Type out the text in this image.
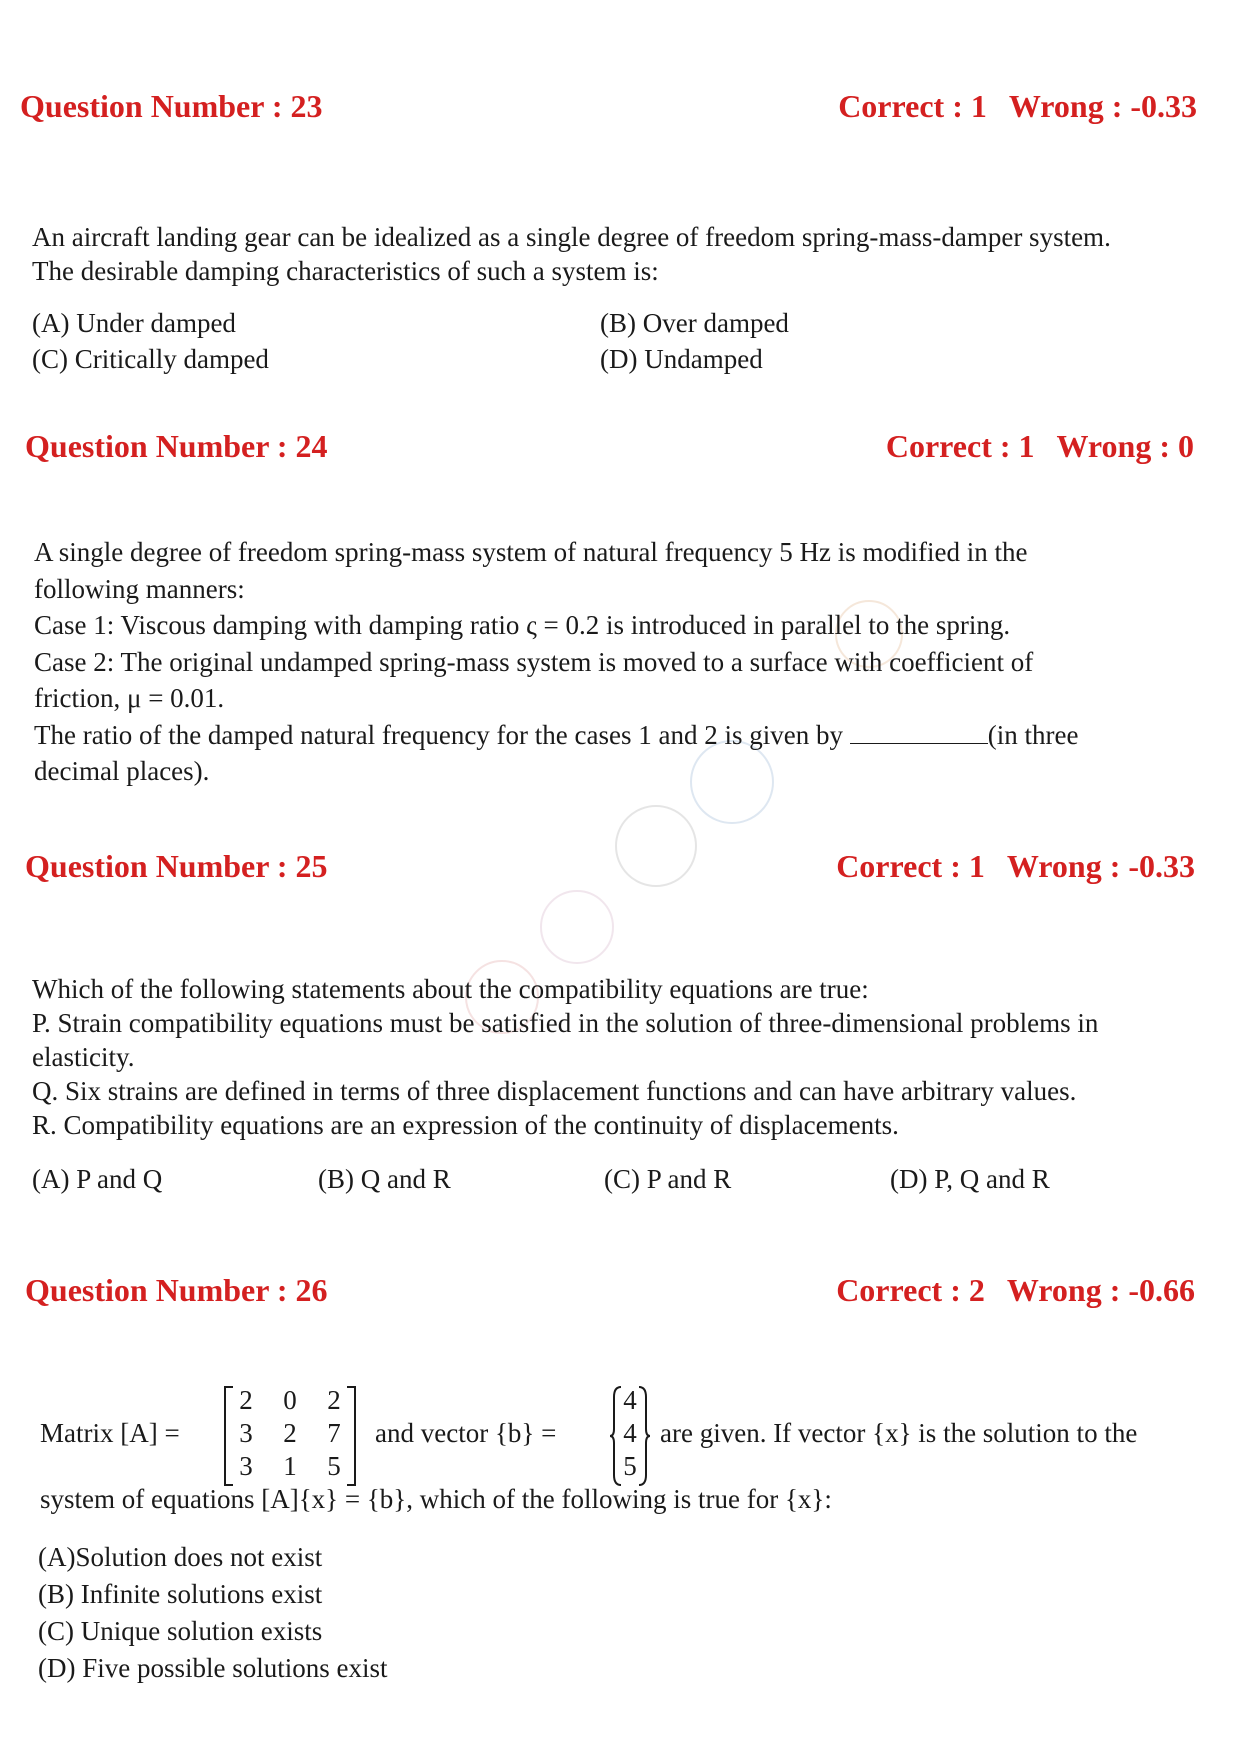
Question Number : 23	Correct : 1 Wrong : -0.33
An aircraft landing gear can be idealized as a single degree of freedom spring-mass-damper system.
The desirable damping characteristics of such a system is:
(A) Under damped	(B) Over damped
(C) Critically damped	(D) Undamped
Question Number : 24	Correct : 1 Wrong : 0
A single degree of freedom spring-mass system of natural frequency 5 Hz is modified in the
following manners:
Case 1: Viscous damping with damping ratio ς = 0.2 is introduced in parallel to the spring.
Case 2: The original undamped spring-mass system is moved to a surface with coefficient of
friction, μ = 0.01.
The ratio of the damped natural frequency for the cases 1 and 2 is given by	(in three
decimal places).
Question Number : 25	Correct : 1 Wrong : -0.33
Which of the following statements about the compatibility equations are true:
P. Strain compatibility equations must be satisfied in the solution of three-dimensional problems in
elasticity.
Q. Six strains are defined in terms of three displacement functions and can have arbitrary values.
R. Compatibility equations are an expression of the continuity of displacements.
(A) P and Q	(B) Q and R	(C) P and R	(D) P, Q and R
Question Number : 26	Correct : 2 Wrong : -0.66
Matrix [A] =
2 0 2
3 2 7
3 1 5
and vector {b} =
4
4
5
are given. If vector {x} is the solution to the
system of equations [A]{x} = {b}, which of the following is true for {x}:
(A)Solution does not exist
(B) Infinite solutions exist
(C) Unique solution exists
(D) Five possible solutions exist
